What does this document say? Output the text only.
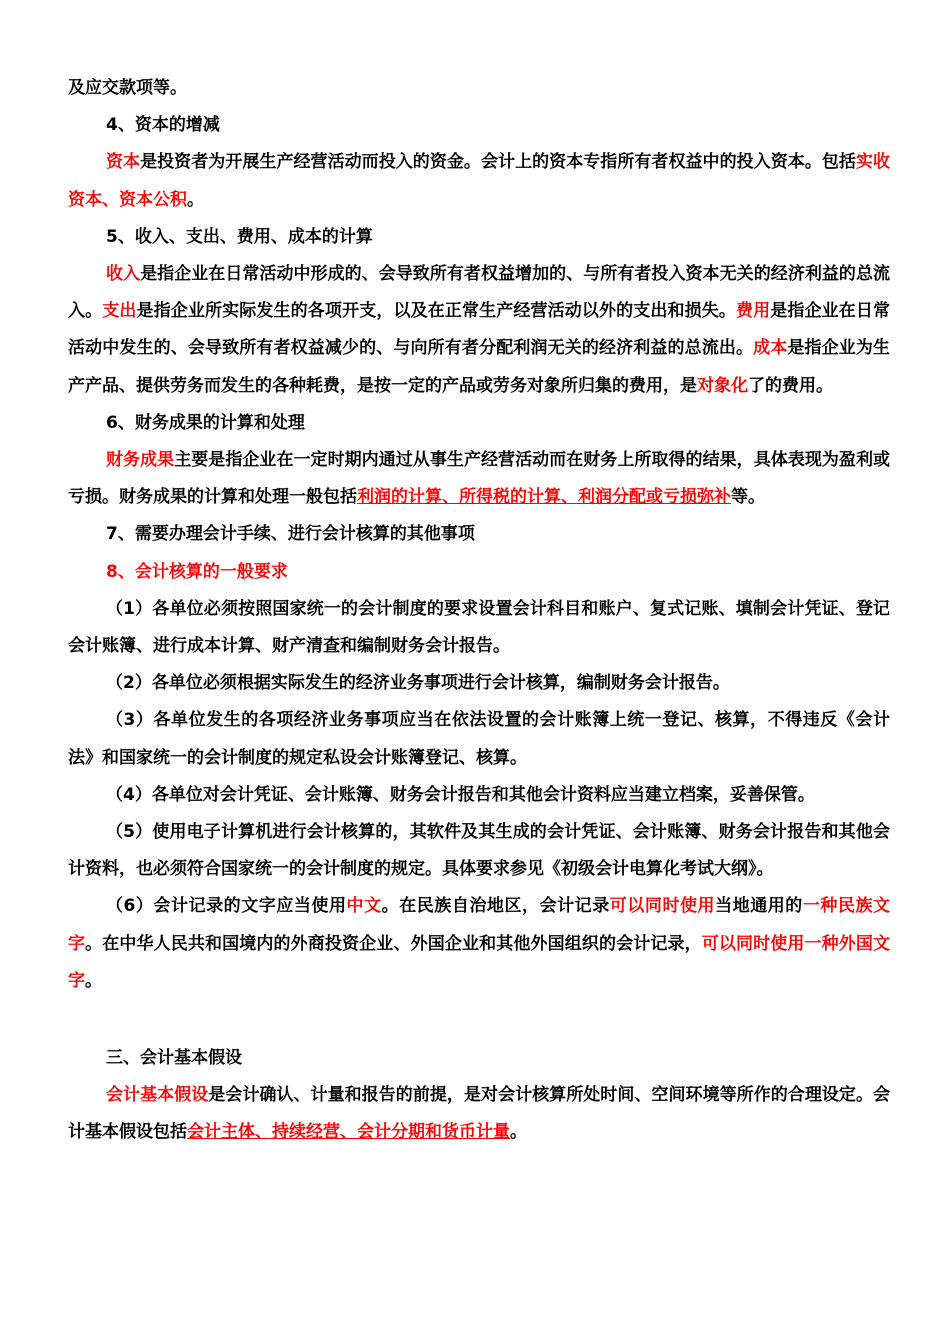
及应交款项等。

4、资本的增减

资本是投资者为开展生产经营活动而投入的资金。会计上的资本专指所有者权益中的投入资本。包括实收资本、资本公积。

5、收入、支出、费用、成本的计算

收入是指企业在日常活动中形成的、会导致所有者权益增加的、与所有者投入资本无关的经济利益的总流入。支出是指企业所实际发生的各项开支，以及在正常生产经营活动以外的支出和损失。费用是指企业在日常活动中发生的、会导致所有者权益减少的、与向所有者分配利润无关的经济利益的总流出。成本是指企业为生产产品、提供劳务而发生的各种耗费，是按一定的产品或劳务对象所归集的费用，是对象化了的费用。

6、财务成果的计算和处理

财务成果主要是指企业在一定时期内通过从事生产经营活动而在财务上所取得的结果，具体表现为盈利或亏损。财务成果的计算和处理一般包括利润的计算、所得税的计算、利润分配或亏损弥补等。

7、需要办理会计手续、进行会计核算的其他事项

8、会计核算的一般要求

（1）各单位必须按照国家统一的会计制度的要求设置会计科目和账户、复式记账、填制会计凭证、登记会计账簿、进行成本计算、财产清查和编制财务会计报告。

（2）各单位必须根据实际发生的经济业务事项进行会计核算，编制财务会计报告。

（3）各单位发生的各项经济业务事项应当在依法设置的会计账簿上统一登记、核算，不得违反《会计法》和国家统一的会计制度的规定私设会计账簿登记、核算。

（4）各单位对会计凭证、会计账簿、财务会计报告和其他会计资料应当建立档案，妥善保管。

（5）使用电子计算机进行会计核算的，其软件及其生成的会计凭证、会计账簿、财务会计报告和其他会计资料，也必须符合国家统一的会计制度的规定。具体要求参见《初级会计电算化考试大纲》。

（6）会计记录的文字应当使用中文。在民族自治地区，会计记录可以同时使用当地通用的一种民族文字。在中华人民共和国境内的外商投资企业、外国企业和其他外国组织的会计记录，可以同时使用一种外国文字。

三、会计基本假设

会计基本假设是会计确认、计量和报告的前提，是对会计核算所处时间、空间环境等所作的合理设定。会计基本假设包括会计主体、持续经营、会计分期和货币计量。
